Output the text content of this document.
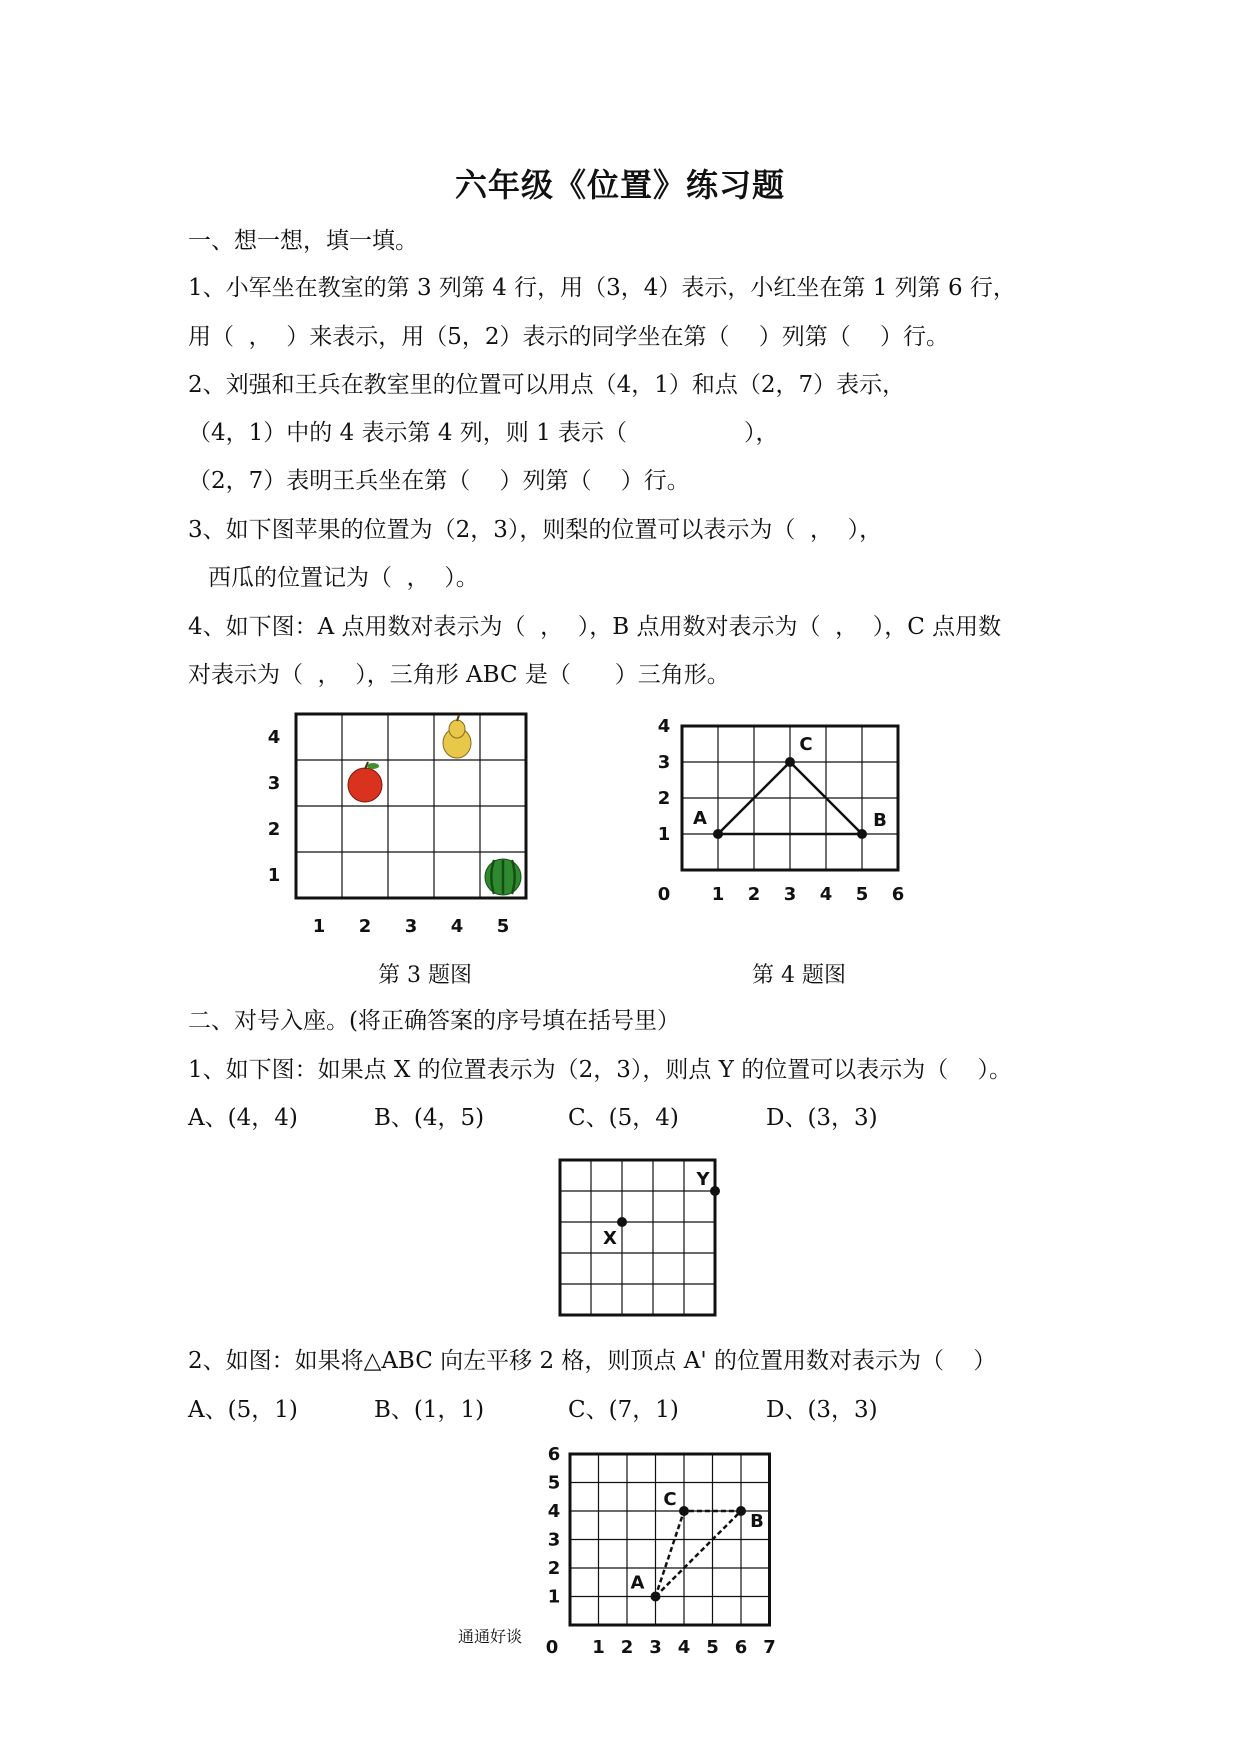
六年级《位置》练习题
一、想一想，填一填。
1、小军坐在教室的第 3 列第 4 行，用（3，4）表示，小红坐在第 1 列第 6 行，
用（  ，  ）来表示，用（5，2）表示的同学坐在第（    ）列第（    ）行。
2、刘强和王兵在教室里的位置可以用点（4，1）和点（2，7）表示，
（4，1）中的 4 表示第 4 列，则 1 表示（                ），
（2，7）表明王兵坐在第（    ）列第（    ）行。
3、如下图苹果的位置为（2，3），则梨的位置可以表示为（  ，  ），
西瓜的位置记为（  ，  ）。
4、如下图：A 点用数对表示为（  ，  ），B 点用数对表示为（  ，  ），C 点用数
对表示为（  ，  ），三角形 ABC 是（      ）三角形。
1 2 3 4 5
1
2
3
4
第 3 题图
0 1 2 3 4 5 6
1
2
3
4
A	B
C
第 4 题图
二、对号入座。(将正确答案的序号填在括号里）
1、如下图：如果点 X 的位置表示为（2，3），则点 Y 的位置可以表示为（    ）。
A、(4，4)	B、(4，5)	C、(5，4)	D、(3，3)
X
Y
2、如图：如果将△ABC 向左平移 2 格，则顶点 A' 的位置用数对表示为（    ）
A、(5，1)	B、(1，1)	C、(7，1)	D、(3，3)
0 1 2 3 4 5 6 7
1
2
3
4
5
6
A
B
C
通通好谈
